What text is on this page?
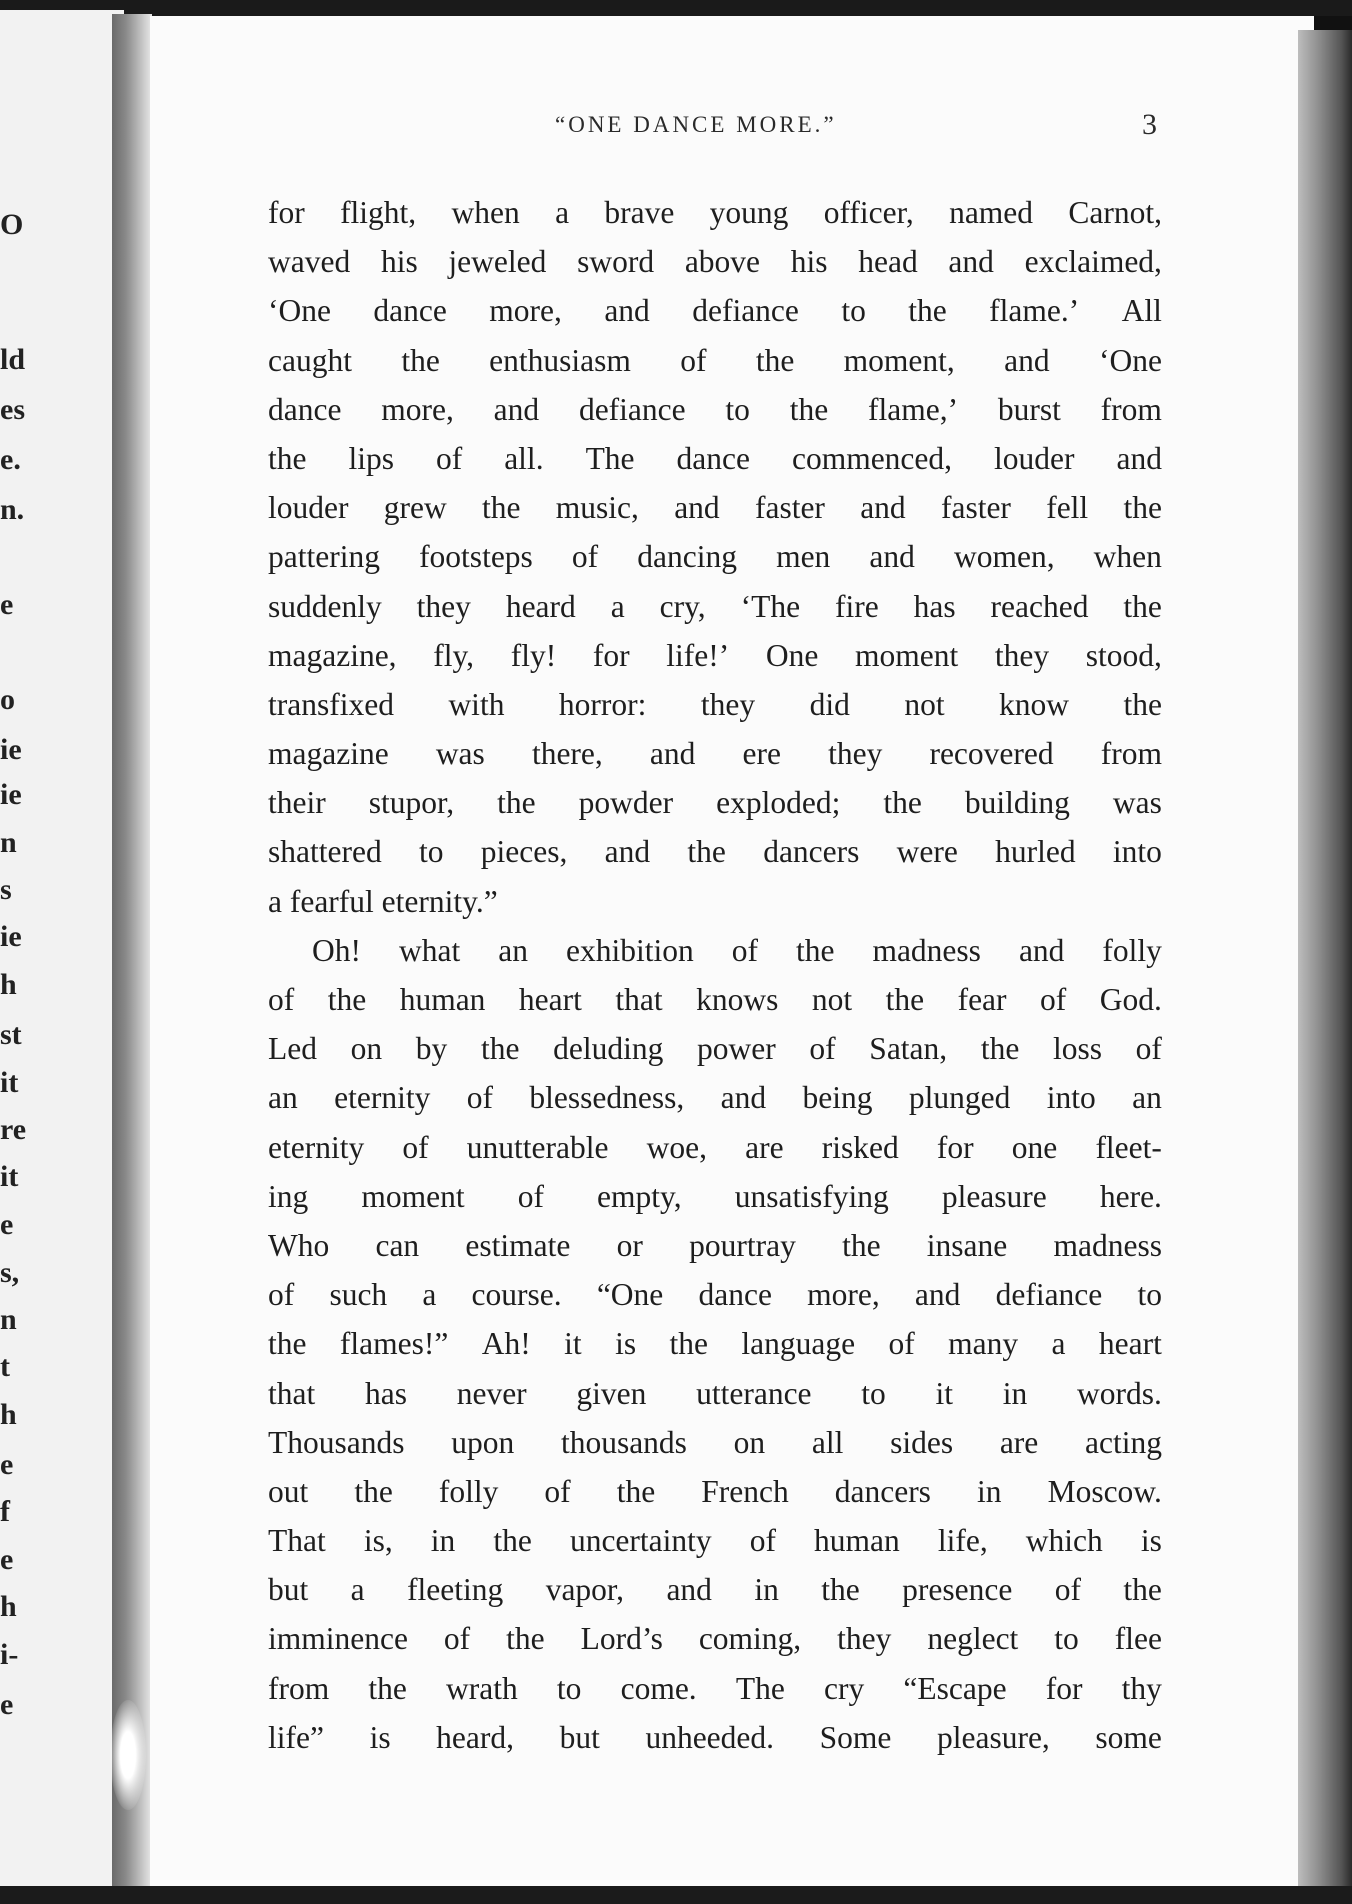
O
ld
es
e.
n.
e
o
ie
ie
n
s
ie
h
st
it
re
it
e
s,
n
t
h
e
f
e
h
i-
e
“ONE DANCE MORE.”	3
for flight, when a brave young officer, named Carnot,
waved his jeweled sword above his head and exclaimed,
‘One dance more, and defiance to the flame.’ All
caught the enthusiasm of the moment, and ‘One
dance more, and defiance to the flame,’ burst from
the lips of all. The dance commenced, louder and
louder grew the music, and faster and faster fell the
pattering footsteps of dancing men and women, when
suddenly they heard a cry, ‘The fire has reached the
magazine, fly, fly! for life!’ One moment they stood,
transfixed with horror: they did not know the
magazine was there, and ere they recovered from
their stupor, the powder exploded; the building was
shattered to pieces, and the dancers were hurled into
a fearful eternity.”
Oh! what an exhibition of the madness and folly
of the human heart that knows not the fear of God.
Led on by the deluding power of Satan, the loss of
an eternity of blessedness, and being plunged into an
eternity of unutterable woe, are risked for one fleet-
ing moment of empty, unsatisfying pleasure here.
Who can estimate or pourtray the insane madness
of such a course. “One dance more, and defiance to
the flames!” Ah! it is the language of many a heart
that has never given utterance to it in words.
Thousands upon thousands on all sides are acting
out the folly of the French dancers in Moscow.
That is, in the uncertainty of human life, which is
but a fleeting vapor, and in the presence of the
imminence of the Lord’s coming, they neglect to flee
from the wrath to come. The cry “Escape for thy
life” is heard, but unheeded. Some pleasure, some
